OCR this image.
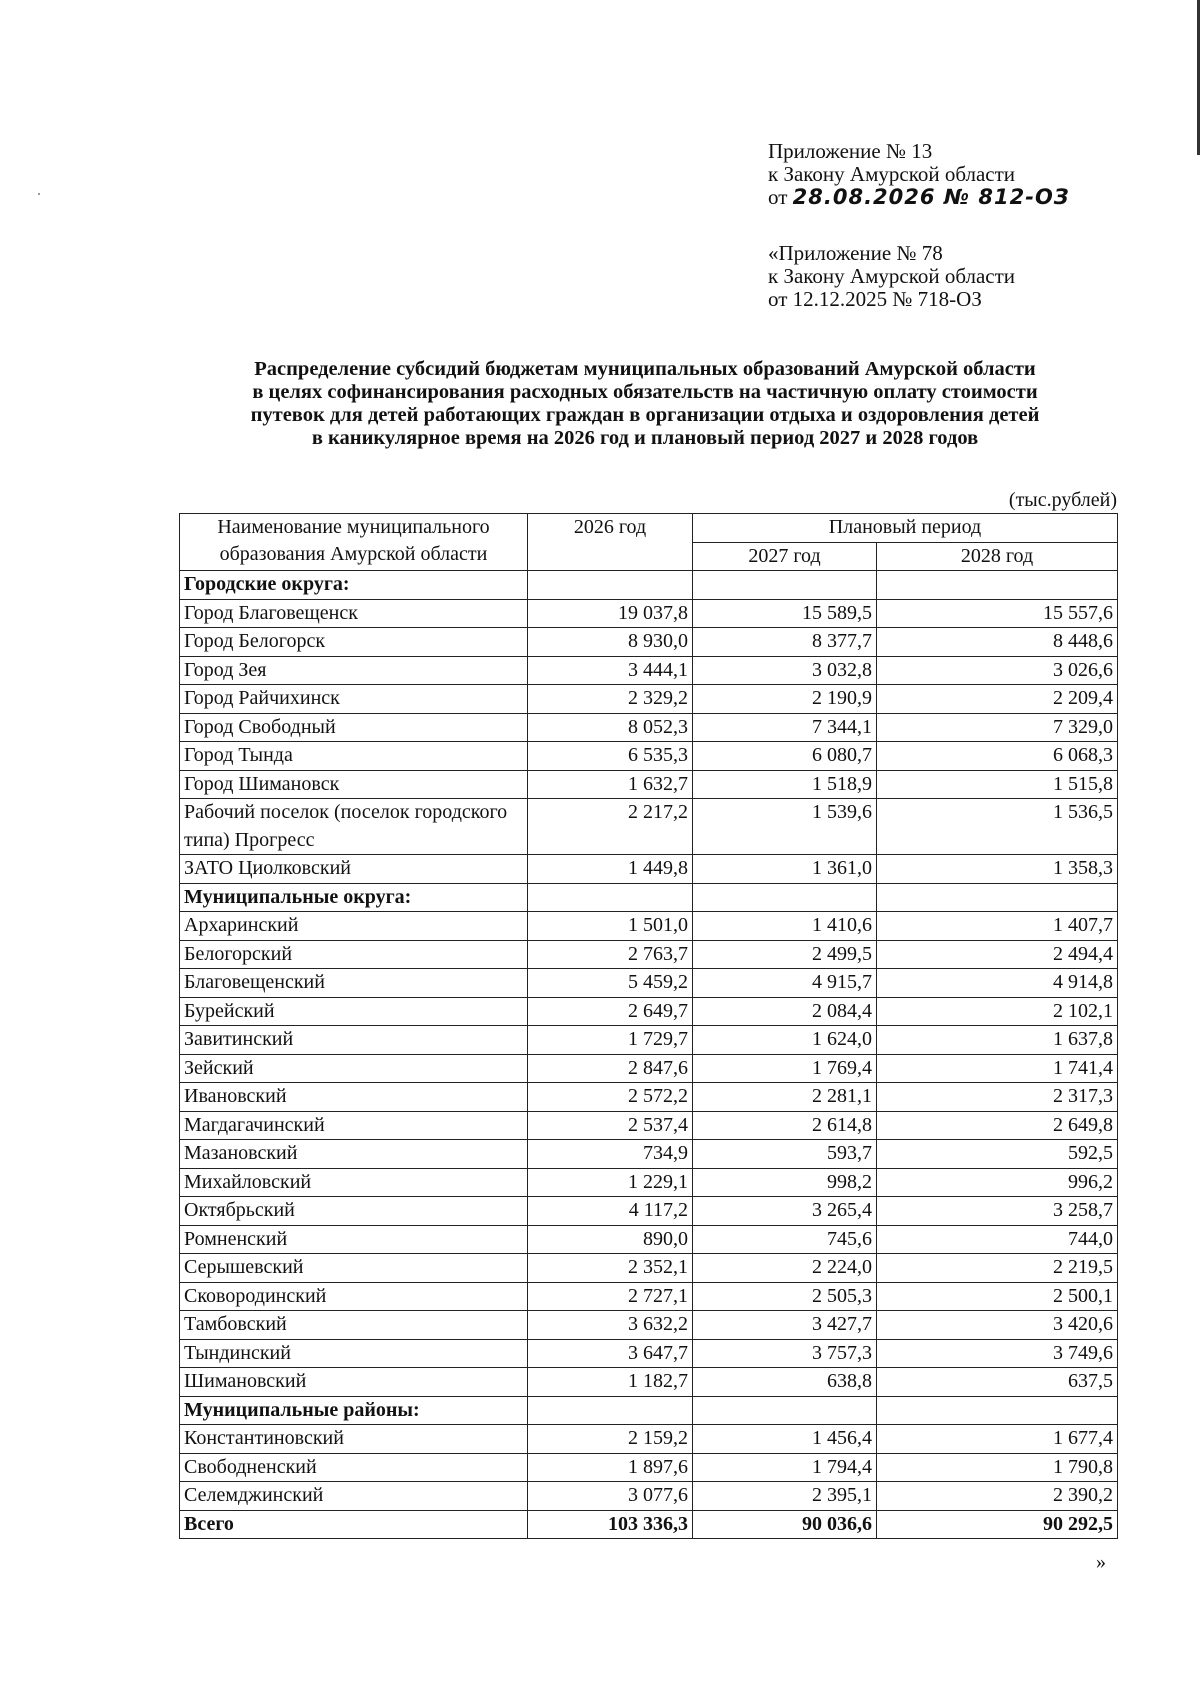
Приложение № 13
к Закону Амурской области
от 28.08.2026 № 812-ОЗ
«Приложение № 78
к Закону Амурской области
от 12.12.2025 № 718-ОЗ
Распределение субсидий бюджетам муниципальных образований Амурской области
в целях софинансирования расходных обязательств на частичную оплату стоимости
путевок для детей работающих граждан в организации отдыха и оздоровления детей
в каникулярное время на 2026 год и плановый период 2027 и 2028 годов
(тыс.рублей)
Наименование муниципального
образования Амурской области	2026 год	Плановый период	
		2027 год	2028 год
Городские округа:			
Город Благовещенск	19 037,8	15 589,5	15 557,6
Город Белогорск	8 930,0	8 377,7	8 448,6
Город Зея	3 444,1	3 032,8	3 026,6
Город Райчихинск	2 329,2	2 190,9	2 209,4
Город Свободный	8 052,3	7 344,1	7 329,0
Город Тында	6 535,3	6 080,7	6 068,3
Город Шимановск	1 632,7	1 518,9	1 515,8
Рабочий поселок (поселок городского типа) Прогресс	2 217,2	1 539,6	1 536,5
ЗАТО Циолковский	1 449,8	1 361,0	1 358,3
Муниципальные округа:			
Архаринский	1 501,0	1 410,6	1 407,7
Белогорский	2 763,7	2 499,5	2 494,4
Благовещенский	5 459,2	4 915,7	4 914,8
Бурейский	2 649,7	2 084,4	2 102,1
Завитинский	1 729,7	1 624,0	1 637,8
Зейский	2 847,6	1 769,4	1 741,4
Ивановский	2 572,2	2 281,1	2 317,3
Магдагачинский	2 537,4	2 614,8	2 649,8
Мазановский	734,9	593,7	592,5
Михайловский	1 229,1	998,2	996,2
Октябрьский	4 117,2	3 265,4	3 258,7
Ромненский	890,0	745,6	744,0
Серышевский	2 352,1	2 224,0	2 219,5
Сковородинский	2 727,1	2 505,3	2 500,1
Тамбовский	3 632,2	3 427,7	3 420,6
Тындинский	3 647,7	3 757,3	3 749,6
Шимановский	1 182,7	638,8	637,5
Муниципальные районы:			
Константиновский	2 159,2	1 456,4	1 677,4
Свободненский	1 897,6	1 794,4	1 790,8
Селемджинский	3 077,6	2 395,1	2 390,2
Всего	103 336,3	90 036,6	90 292,5
»
